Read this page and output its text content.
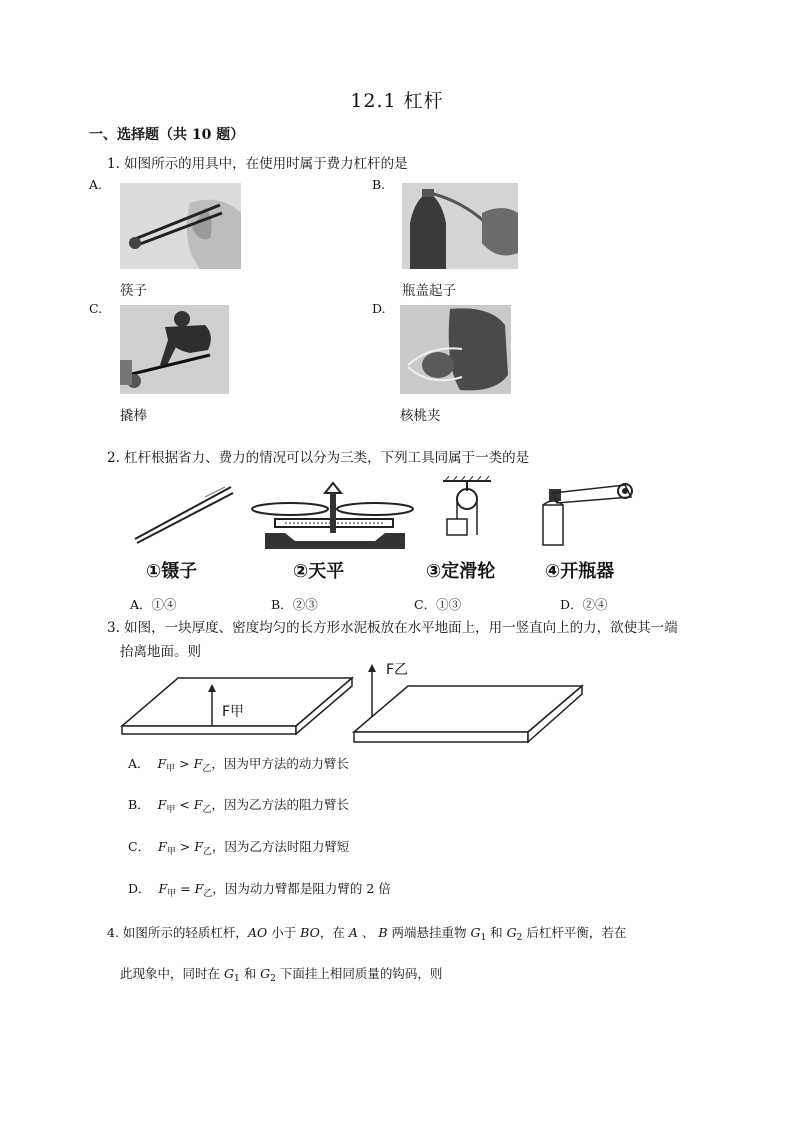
12.1 杠杆
一、选择题（共 10 题）
1. 如图所示的用具中，在使用时属于费力杠杆的是
A.
筷子
B.
瓶盖起子
C.
撬棒
D.
核桃夹
2. 杠杆根据省力、费力的情况可以分为三类，下列工具同属于一类的是
①镊子	②天平	③定滑轮	④开瓶器
A．①④	B．②③	C．①③	D．②④
3. 如图，一块厚度、密度均匀的长方形水泥板放在水平地面上，用一竖直向上的力，欲使其一端
抬离地面。则
F甲
F乙
A． $F_甲 > F_乙$，因为甲方法的动力臂长
B． $F_甲 < F_乙$，因为乙方法的阻力臂长
C． $F_甲 > F_乙$，因为乙方法时阻力臂短
D． $F_甲 = F_乙$，因为动力臂都是阻力臂的 2 倍
4. 如图所示的轻质杠杆，AO 小于 BO，在 A 、 B 两端悬挂重物 $G_1$ 和 $G_2$ 后杠杆平衡，若在
此现象中，同时在 $G_1$ 和 $G_2$ 下面挂上相同质量的钩码，则
